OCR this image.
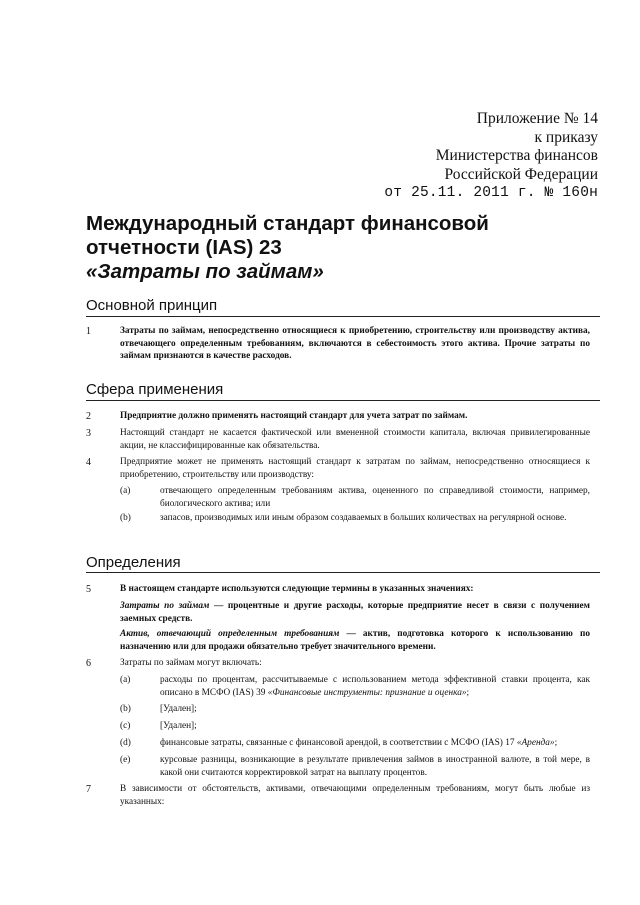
Приложение № 14
к приказу
Министерства финансов
Российской Федерации
от 25.11. 2011 г. № 160н
Международный стандарт финансовой
отчетности (IAS) 23
«Затраты по займам»
Основной принцип
1	Затраты по займам, непосредственно относящиеся к приобретению, строительству или производству актива, отвечающего определенным требованиям, включаются в себестоимость этого актива. Прочие затраты по займам признаются в качестве расходов.
Сфера применения
2	Предприятие должно применять настоящий стандарт для учета затрат по займам.
3	Настоящий стандарт не касается фактической или вмененной стоимости капитала, включая привилегированные акции, не классифицированные как обязательства.
4	Предприятие может не применять настоящий стандарт к затратам по займам, непосредственно относящиеся к приобретению, строительству или производству:
(a)	отвечающего определенным требованиям актива, оцененного по справедливой стоимости, например, биологического актива; или
(b)	запасов, производимых или иным образом создаваемых в больших количествах на регулярной основе.
Определения
5	В настоящем стандарте используются следующие термины в указанных значениях:
Затраты по займам — процентные и другие расходы, которые предприятие несет в связи с получением заемных средств.
Актив, отвечающий определенным требованиям — актив, подготовка которого к использованию по назначению или для продажи обязательно требует значительного времени.
6	Затраты по займам могут включать:
(a)	расходы по процентам, рассчитываемые с использованием метода эффективной ставки процента, как описано в МСФО (IAS) 39 «Финансовые инструменты: признание и оценка»;
(b)	[Удален];
(c)	[Удален];
(d)	финансовые затраты, связанные с финансовой арендой, в соответствии с МСФО (IAS) 17 «Аренда»;
(e)	курсовые разницы, возникающие в результате привлечения займов в иностранной валюте, в той мере, в какой они считаются корректировкой затрат на выплату процентов.
7	В зависимости от обстоятельств, активами, отвечающими определенным требованиям, могут быть любые из указанных:
